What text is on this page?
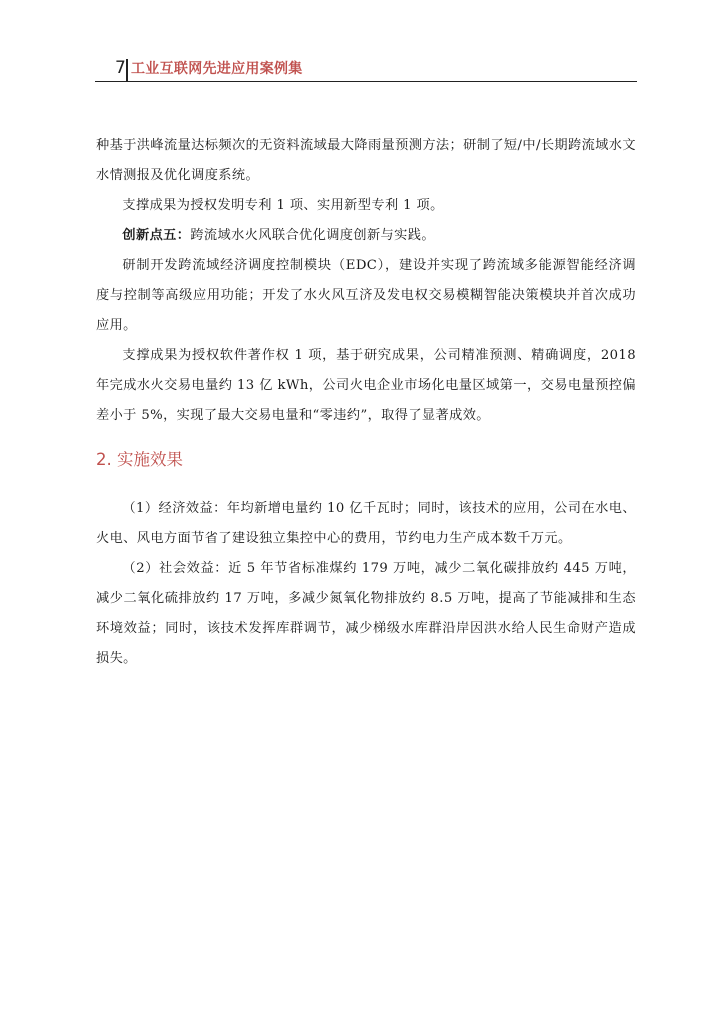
7 工业互联网先进应用案例集

种基于洪峰流量达标频次的无资料流域最大降雨量预测方法；研制了短/中/长期跨流域水文水情测报及优化调度系统。

支撑成果为授权发明专利 1 项、实用新型专利 1 项。

创新点五：跨流域水火风联合优化调度创新与实践。

研制开发跨流域经济调度控制模块（EDC），建设并实现了跨流域多能源智能经济调度与控制等高级应用功能；开发了水火风互济及发电权交易模糊智能决策模块并首次成功应用。

支撑成果为授权软件著作权 1 项，基于研究成果，公司精准预测、精确调度，2018 年完成水火交易电量约 13 亿 kWh，公司火电企业市场化电量区域第一，交易电量预控偏差小于 5%，实现了最大交易电量和“零违约”，取得了显著成效。

2. 实施效果

（1）经济效益：年均新增电量约 10 亿千瓦时；同时，该技术的应用，公司在水电、火电、风电方面节省了建设独立集控中心的费用，节约电力生产成本数千万元。

（2）社会效益：近 5 年节省标准煤约 179 万吨，减少二氧化碳排放约 445 万吨，减少二氧化硫排放约 17 万吨，多减少氮氧化物排放约 8.5 万吨，提高了节能减排和生态环境效益；同时，该技术发挥库群调节，减少梯级水库群沿岸因洪水给人民生命财产造成损失。
